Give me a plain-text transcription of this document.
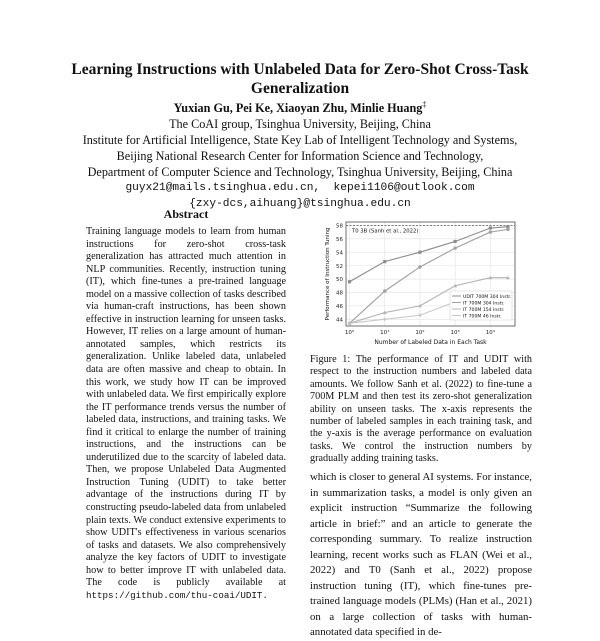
Learning Instructions with Unlabeled Data for Zero-Shot Cross-Task
Generalization
Yuxian Gu, Pei Ke, Xiaoyan Zhu, Minlie Huang‡
The CoAI group, Tsinghua University, Beijing, China
Institute for Artificial Intelligence, State Key Lab of Intelligent Technology and Systems,
Beijing National Research Center for Information Science and Technology,
Department of Computer Science and Technology, Tsinghua University, Beijing, China
guyx21@mails.tsinghua.edu.cn,  kepei1106@outlook.com
{zxy-dcs,aihuang}@tsinghua.edu.cn
Abstract
Training language models to learn from human instructions for zero-shot cross-task generalization has attracted much attention in NLP communities. Recently, instruction tuning (IT), which fine-tunes a pre-trained language model on a massive collection of tasks described via human-craft instructions, has been shown effective in instruction learning for unseen tasks. However, IT relies on a large amount of human-annotated samples, which restricts its generalization. Unlike labeled data, unlabeled data are often massive and cheap to obtain. In this work, we study how IT can be improved with unlabeled data. We first empirically explore the IT performance trends versus the number of labeled data, instructions, and training tasks. We find it critical to enlarge the number of training instructions, and the instructions can be underutilized due to the scarcity of labeled data. Then, we propose Unlabeled Data Augmented Instruction Tuning (UDIT) to take better advantage of the instructions during IT by constructing pseudo-labeled data from unlabeled plain texts. We conduct extensive experiments to show UDIT's effectiveness in various scenarios of tasks and datasets. We also comprehensively analyze the key factors of UDIT to investigate how to better improve IT with unlabeled data. The code is publicly available at https://github.com/thu-coai/UDIT.
44
46
48
50
52
54
56
58
10⁰	10¹	10²	10³	10⁴
Number of Labeled Data in Each Task
Performance of Instruction Tuning	T0 3B (Sanh et al., 2022)
UDIT 700M 304 Instr.
IT 700M 304 Instr.
IT 700M 154 Instr.
IT 700M 46 Instr.
Figure 1: The performance of IT and UDIT with respect to the instruction numbers and labeled data amounts. We follow Sanh et al. (2022) to fine-tune a 700M PLM and then test its zero-shot generalization ability on unseen tasks. The x-axis represents the number of labeled samples in each training task, and the y-axis is the average performance on evaluation tasks. We control the instruction numbers by gradually adding training tasks.
which is closer to general AI systems. For instance, in summarization tasks, a model is only given an explicit instruction “Summarize the following article in brief:” and an article to generate the corresponding summary. To realize instruction learning, recent works such as FLAN (Wei et al., 2022) and T0 (Sanh et al., 2022) propose instruction tuning (IT), which fine-tunes pre-trained language models (PLMs) (Han et al., 2021) on a large collection of tasks with human-annotated data specified in de-
